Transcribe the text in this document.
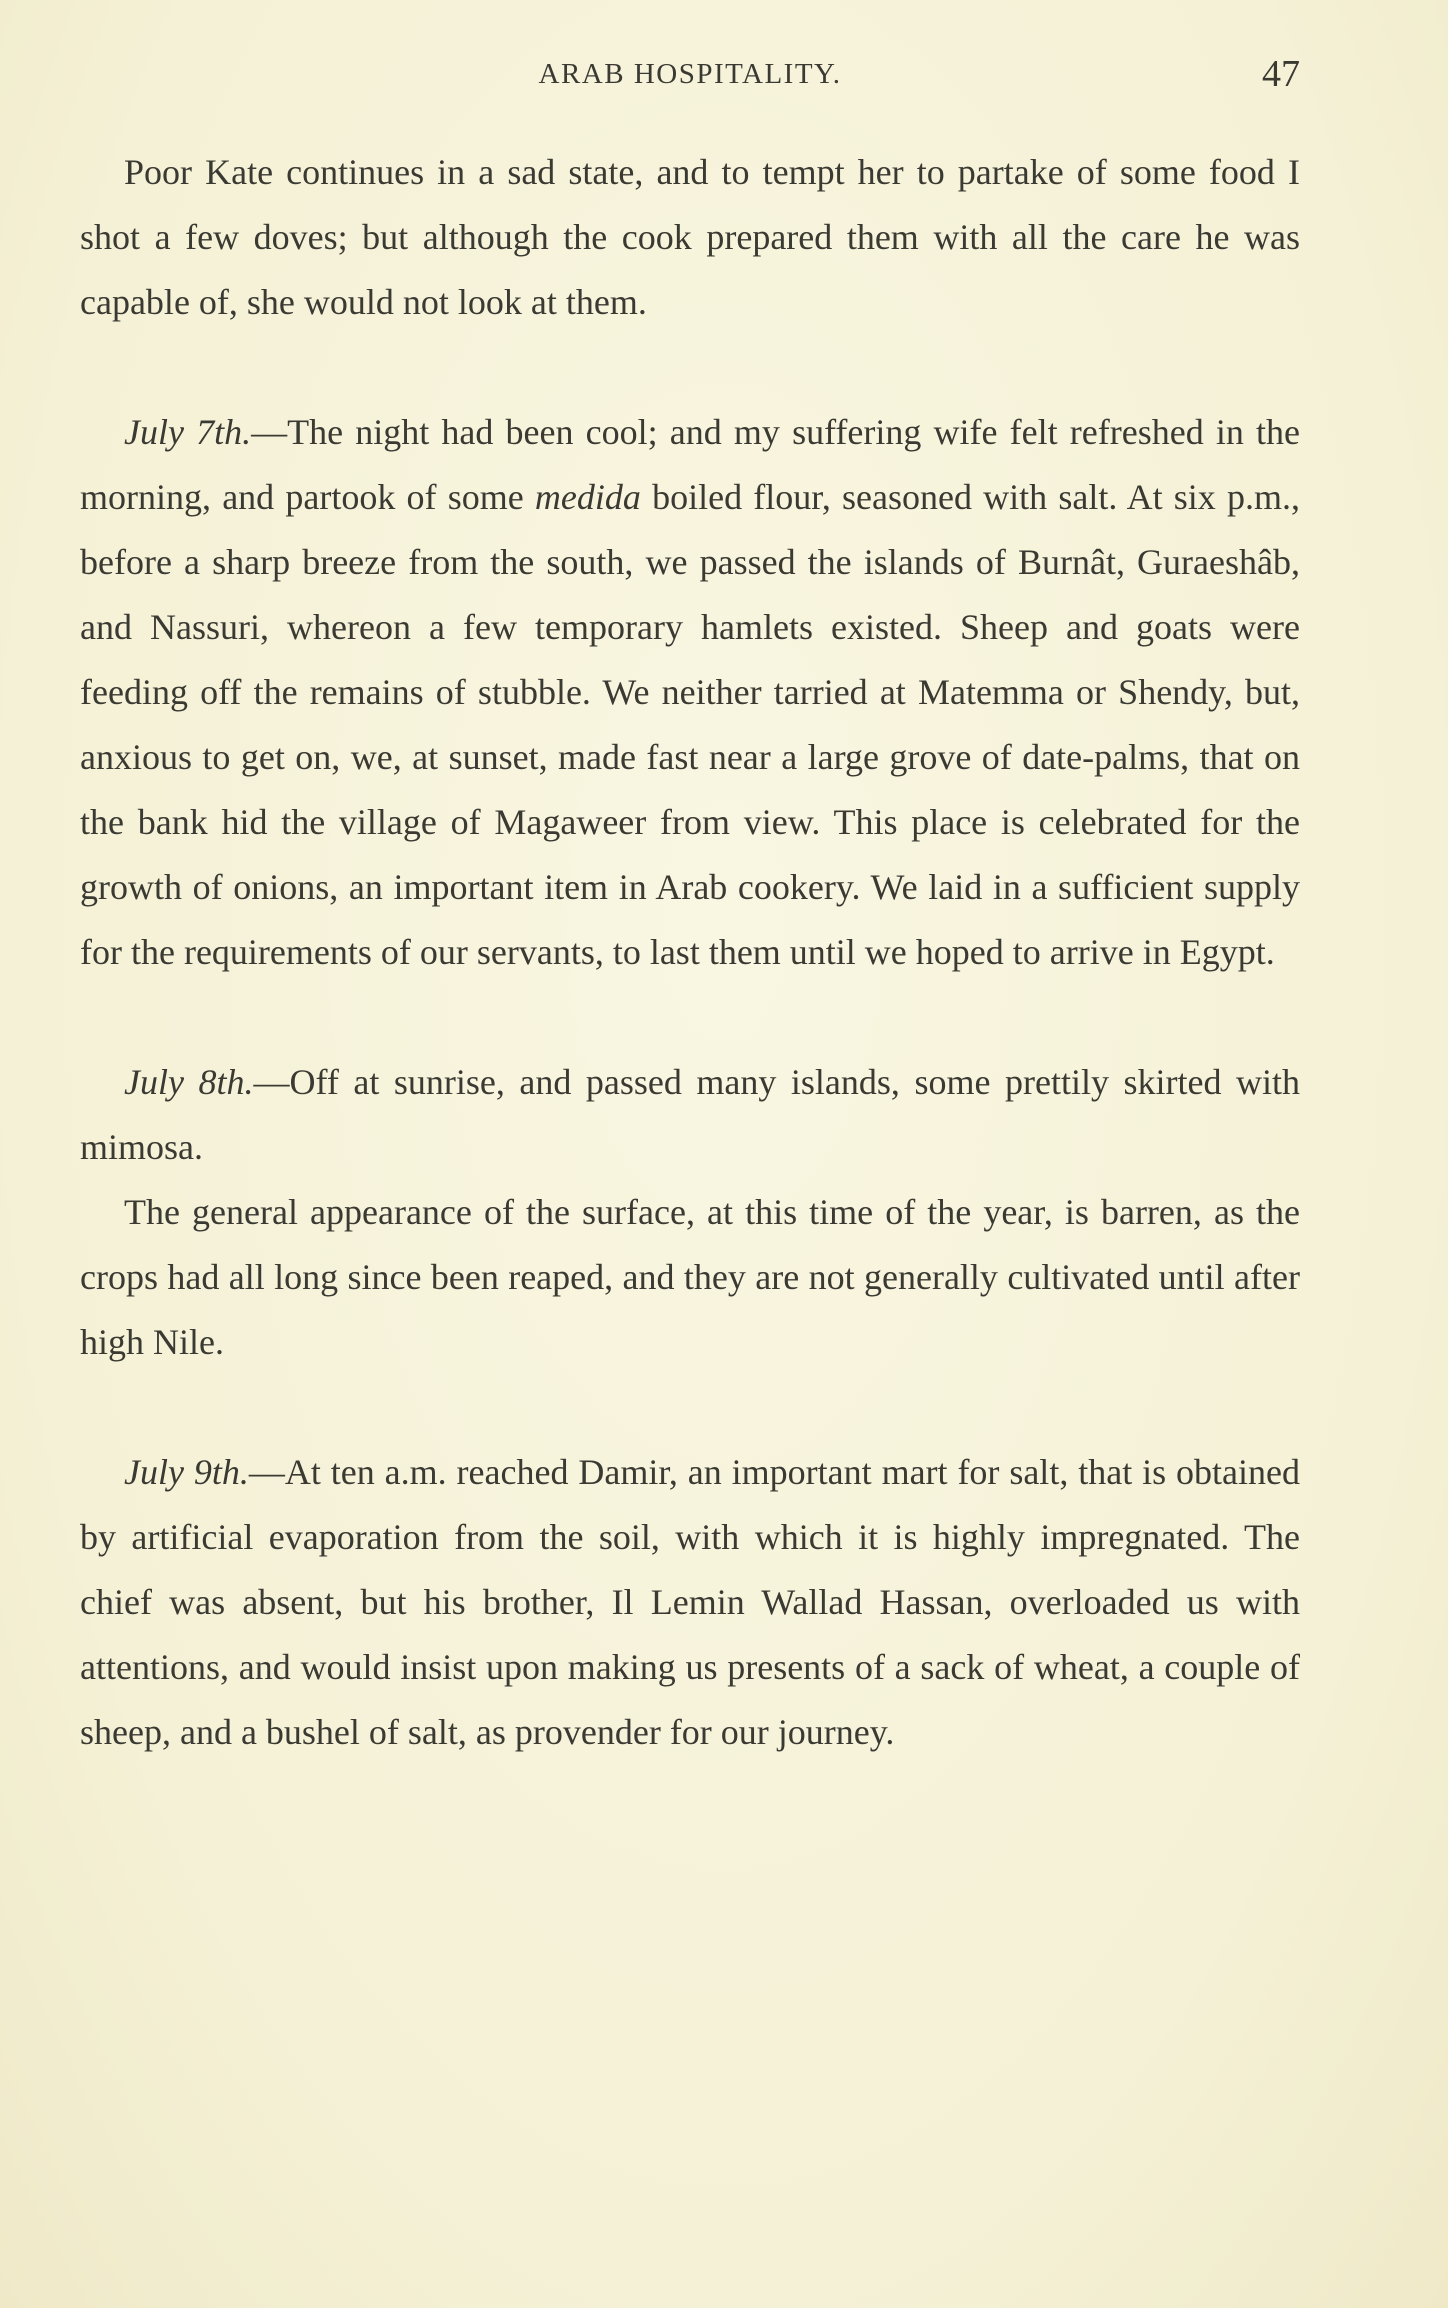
ARAB HOSPITALITY.	47

Poor Kate continues in a sad state, and to tempt her to partake of some food I shot a few doves; but although the cook prepared them with all the care he was capable of, she would not look at them.

July 7th.—The night had been cool; and my suffering wife felt refreshed in the morning, and partook of some medida boiled flour, seasoned with salt. At six p.m., before a sharp breeze from the south, we passed the islands of Burnât, Guraeshâb, and Nassuri, whereon a few temporary hamlets existed. Sheep and goats were feeding off the remains of stubble. We neither tarried at Matemma or Shendy, but, anxious to get on, we, at sunset, made fast near a large grove of date-palms, that on the bank hid the village of Magaweer from view. This place is celebrated for the growth of onions, an important item in Arab cookery. We laid in a sufficient supply for the requirements of our servants, to last them until we hoped to arrive in Egypt.

July 8th.—Off at sunrise, and passed many islands, some prettily skirted with mimosa.

The general appearance of the surface, at this time of the year, is barren, as the crops had all long since been reaped, and they are not generally cultivated until after high Nile.

July 9th.—At ten a.m. reached Damir, an important mart for salt, that is obtained by artificial evaporation from the soil, with which it is highly impregnated. The chief was absent, but his brother, Il Lemin Wallad Hassan, overloaded us with attentions, and would insist upon making us presents of a sack of wheat, a couple of sheep, and a bushel of salt, as provender for our journey.
